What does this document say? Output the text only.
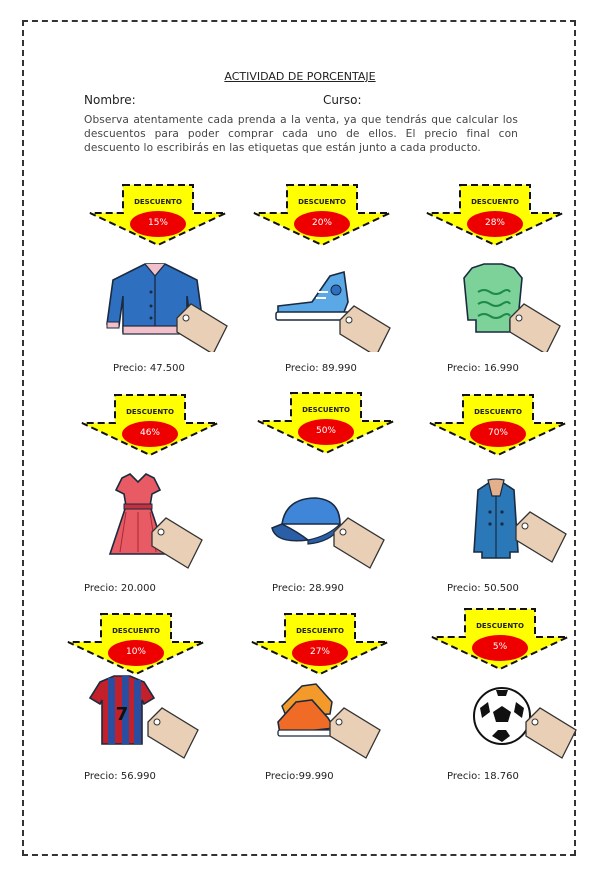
ACTIVIDAD DE PORCENTAJE
Nombre:	Curso:
Observa atentamente cada prenda a la venta, ya que tendrás que calcular los descuentos para poder comprar cada uno de ellos. El precio final con descuento lo escribirás en las etiquetas que están junto a cada producto.
DESCUENTO
15%
DESCUENTO
20%
DESCUENTO
28%
Precio: 47.500	Precio: 89.990	Precio: 16.990
DESCUENTO
46%
DESCUENTO
50%
DESCUENTO
70%
Precio: 20.000	Precio: 28.990	Precio: 50.500
DESCUENTO
10%
DESCUENTO
27%
DESCUENTO
5%
7
Precio: 56.990	Precio:99.990	Precio: 18.760
